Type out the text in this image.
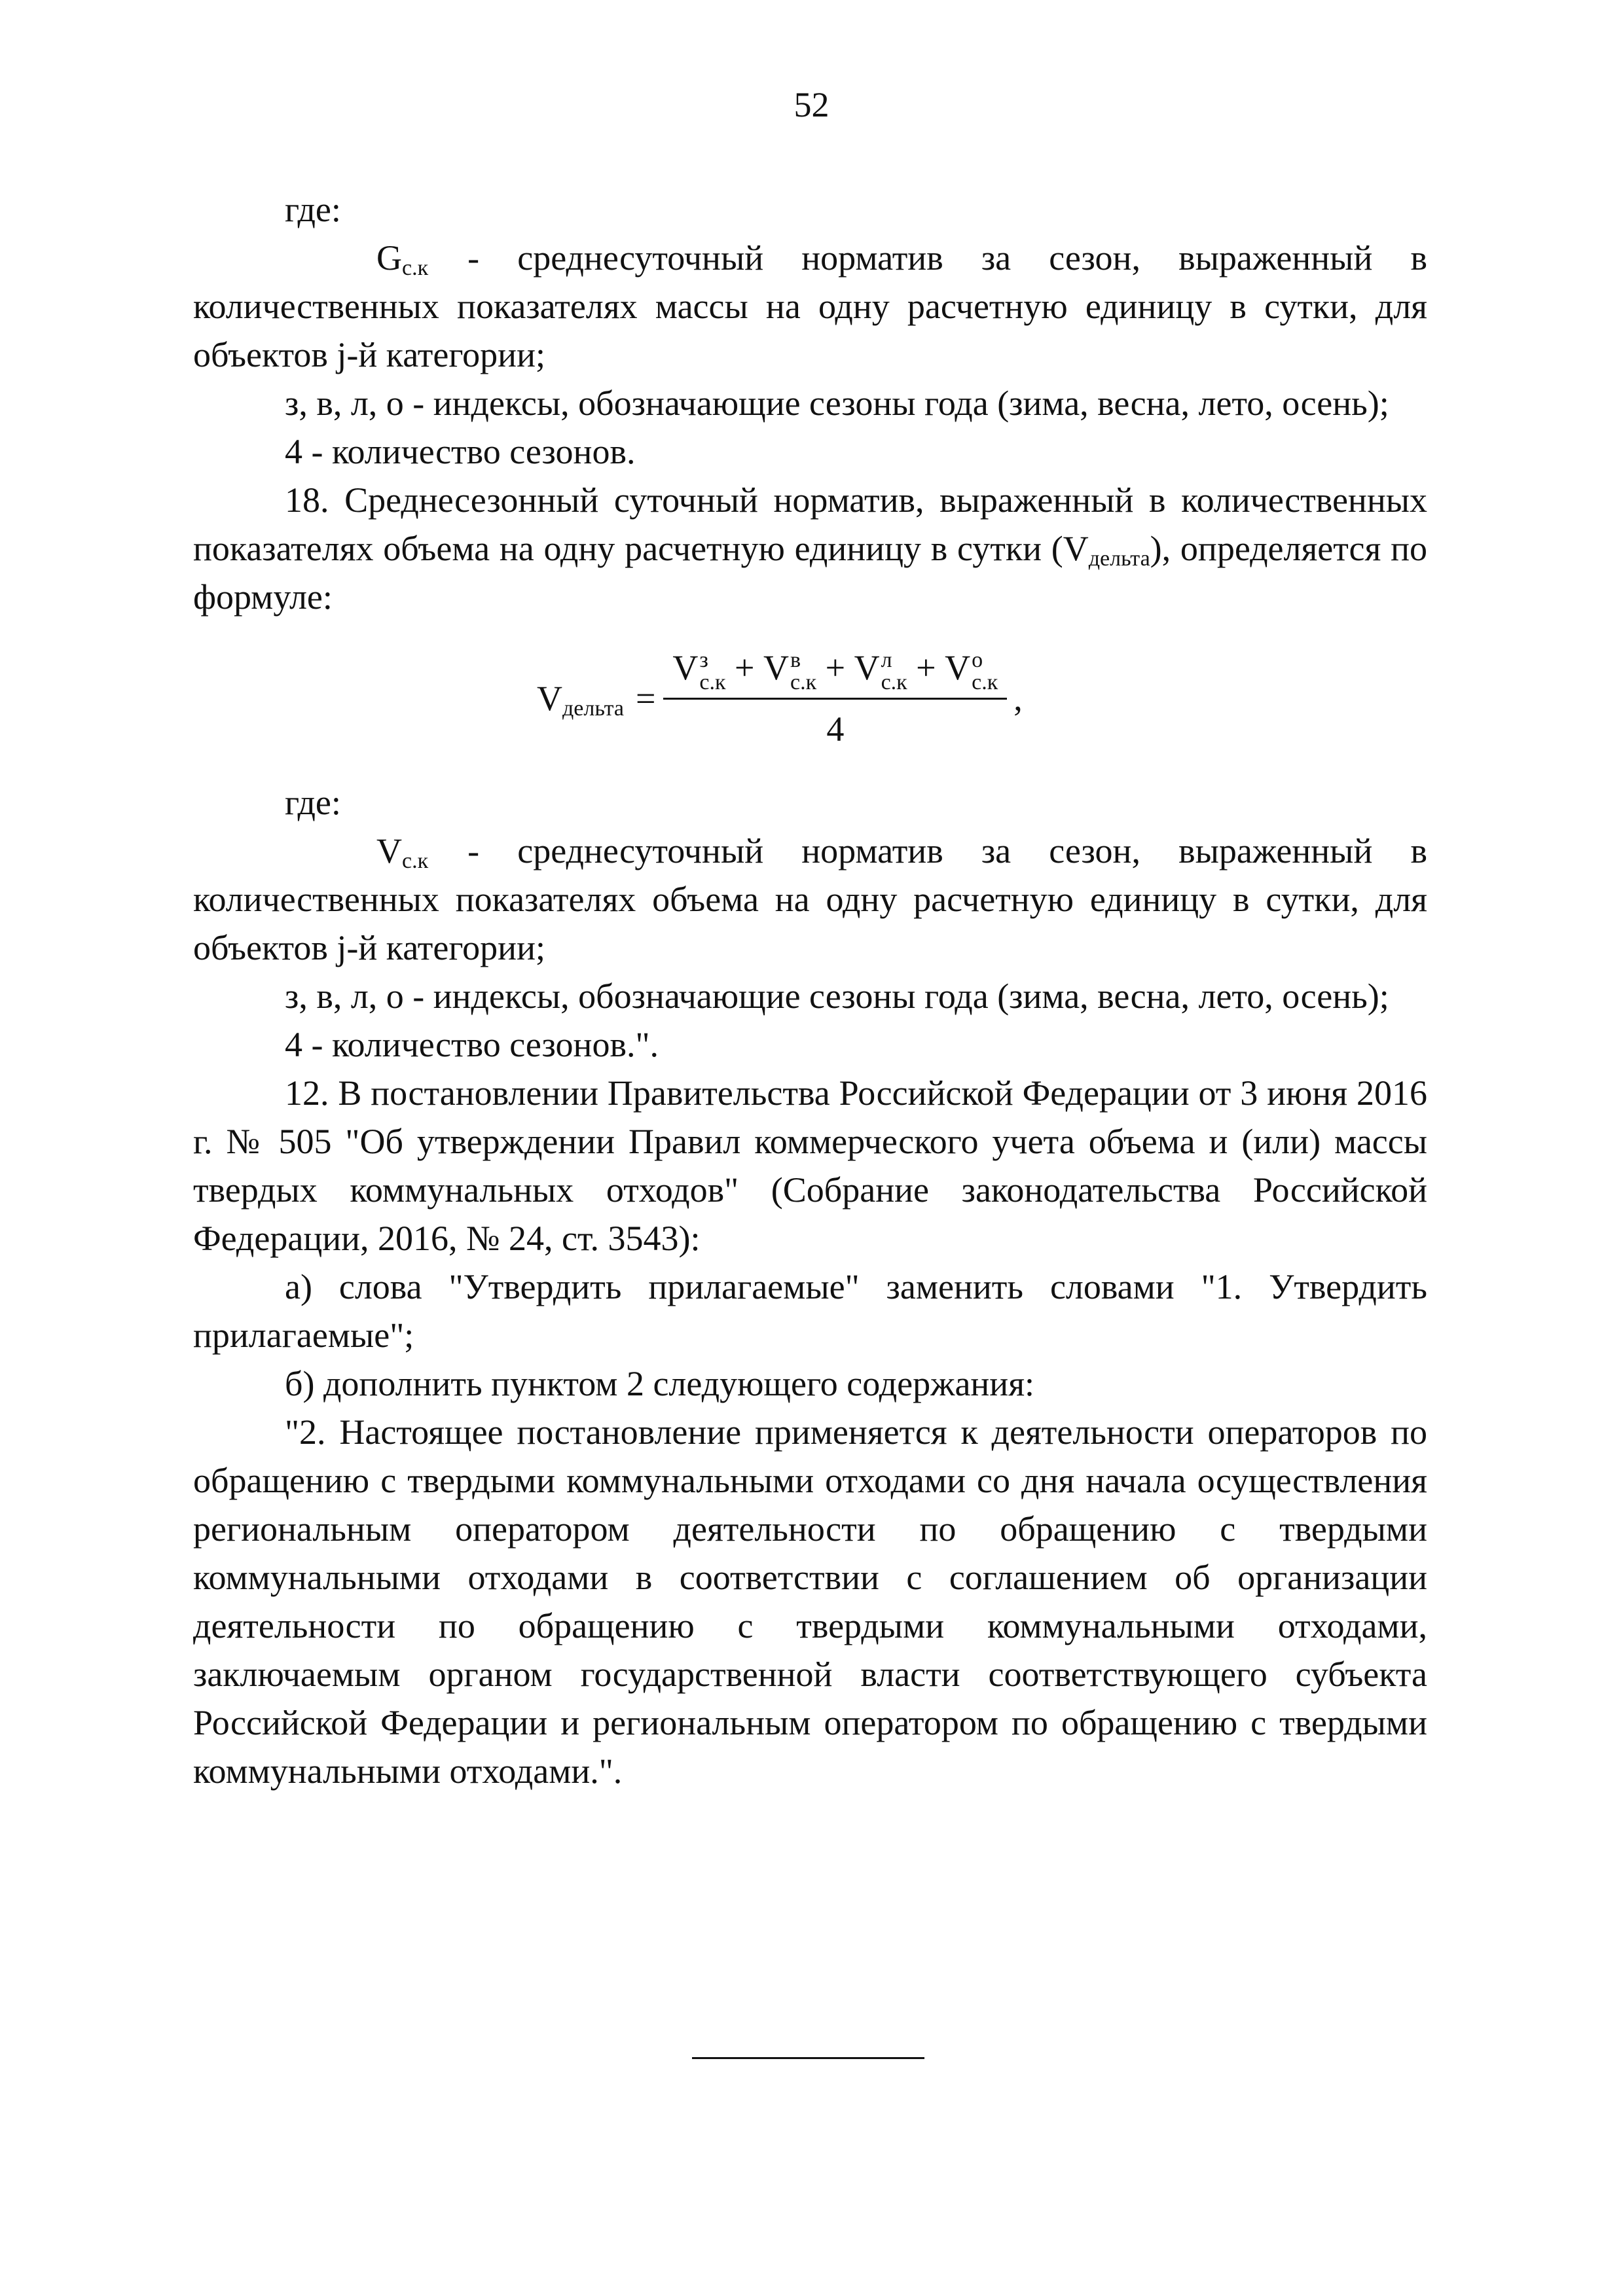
52

где:

$G_{с.к}$ - среднесуточный норматив за сезон, выраженный в количественных показателях массы на одну расчетную единицу в сутки, для объектов j-й категории;

з, в, л, о - индексы, обозначающие сезоны года (зима, весна, лето, осень);

4 - количество сезонов.

18. Среднесезонный суточный норматив, выраженный в количественных показателях объема на одну расчетную единицу в сутки $(V_{дельта})$, определяется по формуле:

$V_{дельта}$ =
V з
с.к + V в
с.к + V л
с.к + V о
с.к
4
,

где:

$V_{с.к}$ - среднесуточный норматив за сезон, выраженный в количественных показателях объема на одну расчетную единицу в сутки, для объектов j-й категории;

з, в, л, о - индексы, обозначающие сезоны года (зима, весна, лето, осень);

4 - количество сезонов.".

12. В постановлении Правительства Российской Федерации от 3 июня 2016 г. № 505 "Об утверждении Правил коммерческого учета объема и (или) массы твердых коммунальных отходов" (Собрание законодательства Российской Федерации, 2016, № 24, ст. 3543):

а) слова "Утвердить прилагаемые" заменить словами "1. Утвердить прилагаемые";

б) дополнить пунктом 2 следующего содержания:

"2. Настоящее постановление применяется к деятельности операторов по обращению с твердыми коммунальными отходами со дня начала осуществления региональным оператором деятельности по обращению с твердыми коммунальными отходами в соответствии с соглашением об организации деятельности по обращению с твердыми коммунальными отходами, заключаемым органом государственной власти соответствующего субъекта Российской Федерации и региональным оператором по обращению с твердыми коммунальными отходами.".
